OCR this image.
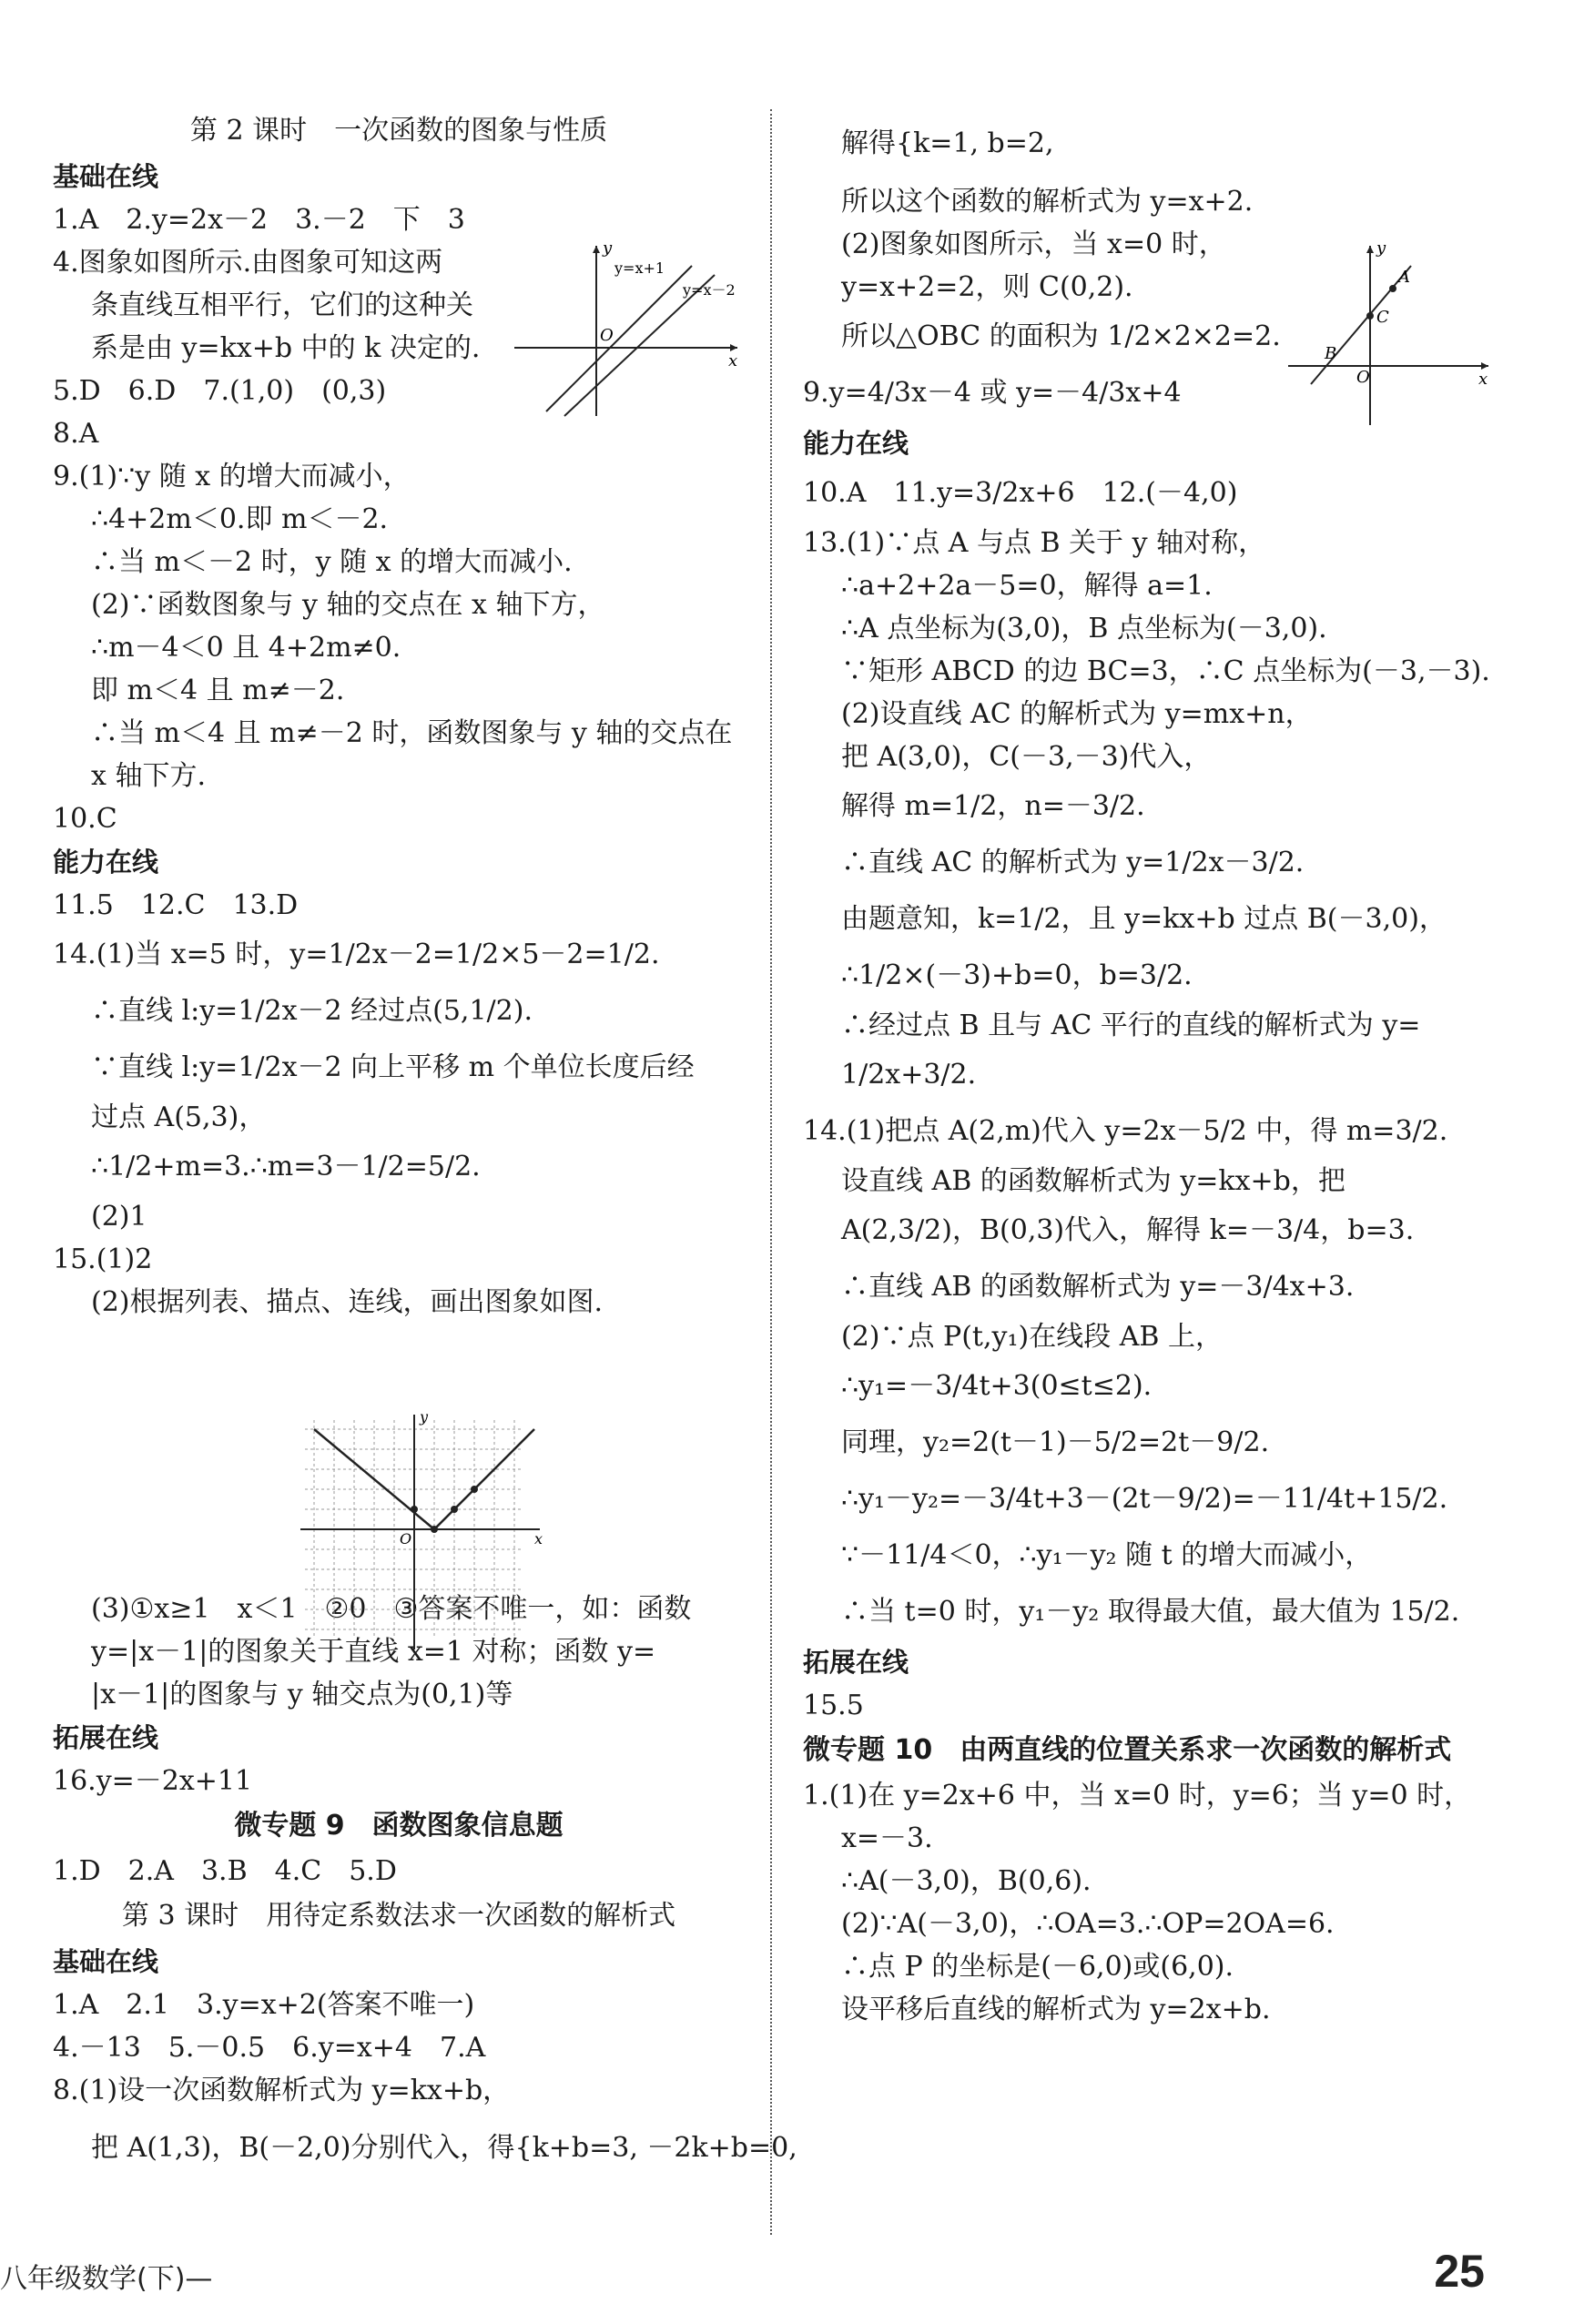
第 2 课时　一次函数的图象与性质
基础在线
1.A　2.y=2x－2　3.－2　下　3
4.图象如图所示.由图象可知这两
条直线互相平行，它们的这种关
系是由 y=kx+b 中的 k 决定的.
5.D　6.D　7.(1,0)　(0,3)
8.A
9.(1)∵y 随 x 的增大而减小，
∴4+2m＜0.即 m＜－2.
∴当 m＜－2 时，y 随 x 的增大而减小.
(2)∵函数图象与 y 轴的交点在 x 轴下方，
∴m－4＜0 且 4+2m≠0.
即 m＜4 且 m≠－2.
∴当 m＜4 且 m≠－2 时，函数图象与 y 轴的交点在
x 轴下方.
10.C
能力在线
11.5　12.C　13.D
14.(1)当 x=5 时，y=1/2x－2=1/2×5－2=1/2.
∴直线 l:y=1/2x－2 经过点(5,1/2).
∵直线 l:y=1/2x－2 向上平移 m 个单位长度后经
过点 A(5,3)，
∴1/2+m=3.∴m=3－1/2=5/2.
(2)1
15.(1)2
(2)根据列表、描点、连线，画出图象如图.
(3)①x≥1　x＜1　②0　③答案不唯一，如：函数
y=|x－1|的图象关于直线 x=1 对称；函数 y=
|x－1|的图象与 y 轴交点为(0,1)等
拓展在线
16.y=－2x+11
微专题 9　函数图象信息题
1.D　2.A　3.B　4.C　5.D
第 3 课时　用待定系数法求一次函数的解析式
基础在线
1.A　2.1　3.y=x+2(答案不唯一)
4.－13　5.－0.5　6.y=x+4　7.A
8.(1)设一次函数解析式为 y=kx+b，
把 A(1,3)，B(－2,0)分别代入，得{k+b=3, －2k+b=0,
解得{k=1, b=2,
所以这个函数的解析式为 y=x+2.
(2)图象如图所示，当 x=0 时，
y=x+2=2，则 C(0,2).
所以△OBC 的面积为 1/2×2×2=2.
9.y=4/3x－4 或 y=－4/3x+4
能力在线
10.A　11.y=3/2x+6　12.(－4,0)
13.(1)∵点 A 与点 B 关于 y 轴对称，
∴a+2+2a－5=0，解得 a=1.
∴A 点坐标为(3,0)，B 点坐标为(－3,0).
∵矩形 ABCD 的边 BC=3，∴C 点坐标为(－3,－3).
(2)设直线 AC 的解析式为 y=mx+n，
把 A(3,0)，C(－3,－3)代入，
解得 m=1/2，n=－3/2.
∴直线 AC 的解析式为 y=1/2x－3/2.
由题意知，k=1/2，且 y=kx+b 过点 B(－3,0)，
∴1/2×(－3)+b=0，b=3/2.
∴经过点 B 且与 AC 平行的直线的解析式为 y=
1/2x+3/2.
14.(1)把点 A(2,m)代入 y=2x－5/2 中，得 m=3/2.
设直线 AB 的函数解析式为 y=kx+b，把
A(2,3/2)，B(0,3)代入，解得 k=－3/4，b=3.
∴直线 AB 的函数解析式为 y=－3/4x+3.
(2)∵点 P(t,y₁)在线段 AB 上，
∴y₁=－3/4t+3(0≤t≤2).
同理，y₂=2(t－1)－5/2=2t－9/2.
∴y₁－y₂=－3/4t+3－(2t－9/2)=－11/4t+15/2.
∵－11/4＜0，∴y₁－y₂ 随 t 的增大而减小，
∴当 t=0 时，y₁－y₂ 取得最大值，最大值为 15/2.
拓展在线
15.5
微专题 10　由两直线的位置关系求一次函数的解析式
1.(1)在 y=2x+6 中，当 x=0 时，y=6；当 y=0 时，
x=－3.
∴A(－3,0)，B(0,6).
(2)∵A(－3,0)，∴OA=3.∴OP=2OA=6.
∴点 P 的坐标是(－6,0)或(6,0).
设平移后直线的解析式为 y=2x+b.
y
x
O
y=x+1
y=x－2
y
x
O
A
B
C
y
x
O
八年级数学(下)—	25
